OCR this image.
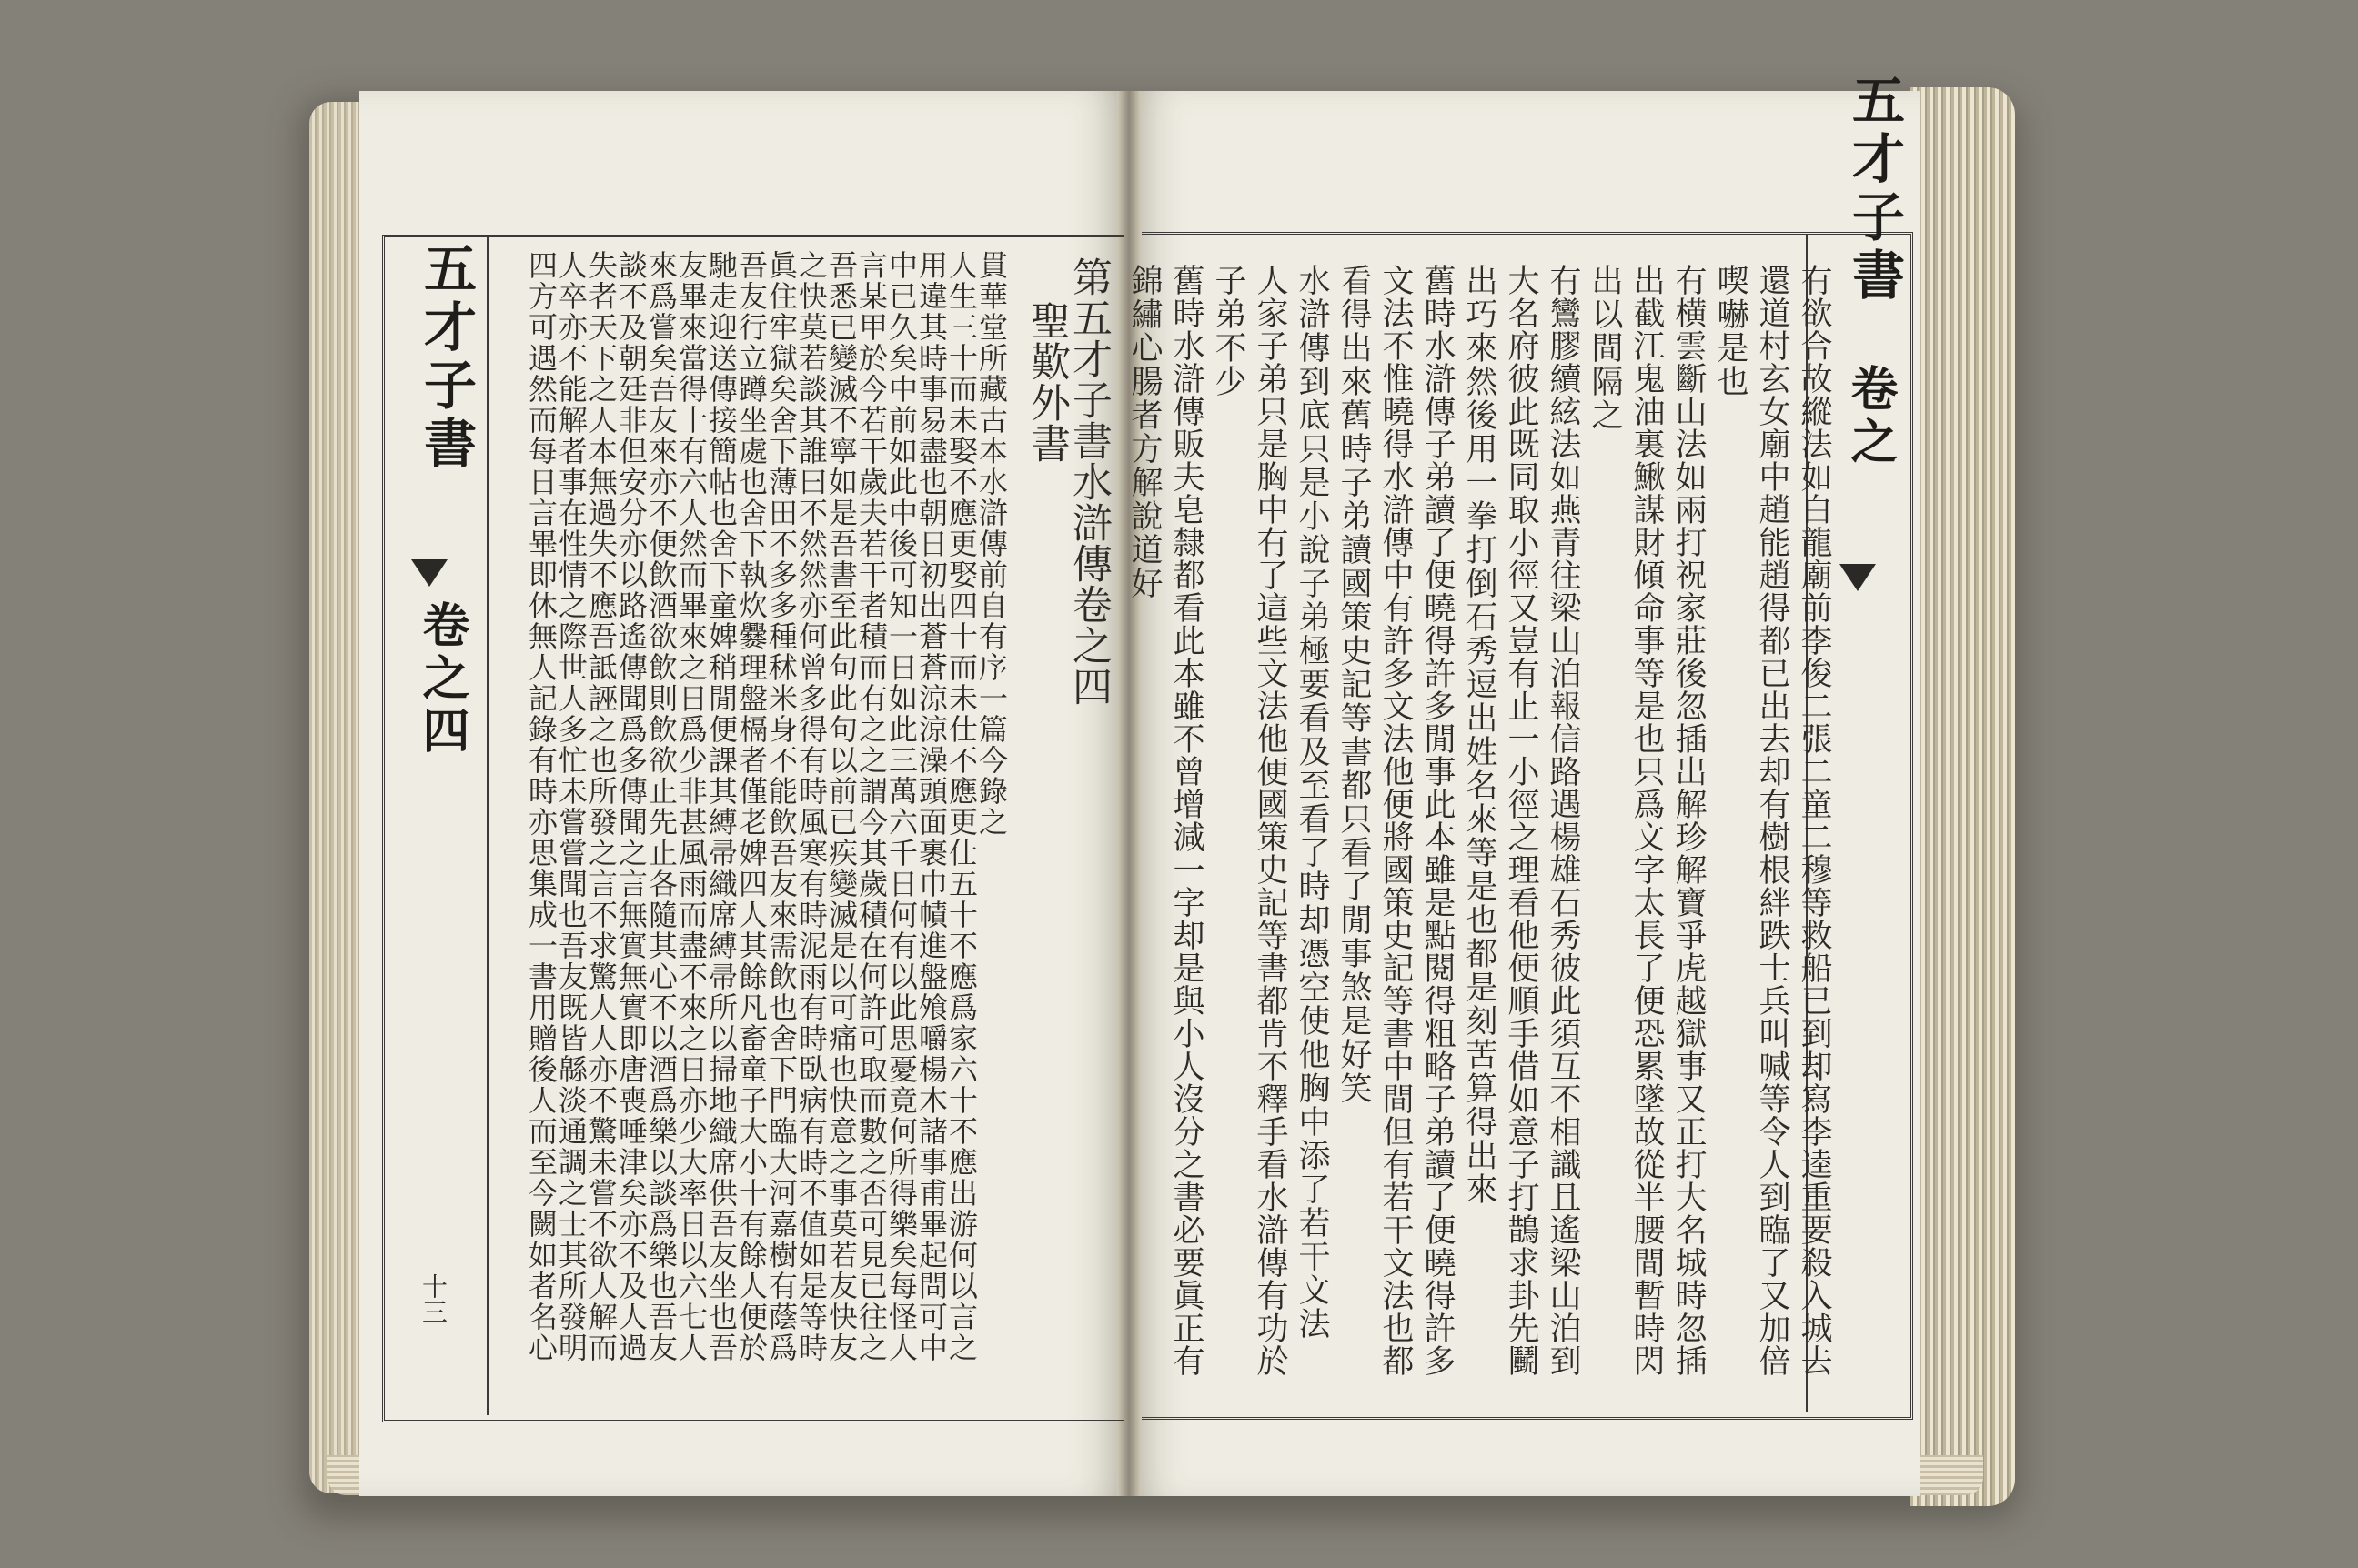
五才子書
卷之四
十三
第五才子書水滸傳卷之四
聖歎外書
貫華堂所藏古本水滸傳前自有序一篇今錄之
人生三十而未娶不應更娶四十而未仕不應更仕五十不應爲家六十不應出游何以言之
用違其時事易盡也朝日初出蒼蒼涼涼澡頭面裹巾幘進盤飧嚼楊木諸事甫畢起問可中
中已久矣中前如此中後可知一日如此三萬六千日何有以此思憂竟何所得樂矣每怪人
言某甲於今若干歲夫若干者積而有之之謂今其歲積在何許可取而數之否可見已往之
吾悉已變滅不寧如是吾書至此句此句以前已疾變滅是以可痛也快意之事莫若友快友
之快莫若談其誰曰不然然亦何曾多得有時風寒有時泥雨有時臥病有時不值如是等時
眞住牢獄矣舍下薄田不多多種秫米身不能飲吾友來需飲也舍下門臨大河嘉樹有蔭爲
吾友行立蹲坐處也舍下執炊爨理盤槅者僅老婢四人其餘凡畜童子大小十有餘人便於
馳走迎送傳接簡帖也舍下童婢稍閒便課其縛帚織席縛帚所以掃地織席供吾友坐也吾
友畢來當得十有六人然而畢來之日爲少非甚風雨而盡不來之日亦少大率日以六七人
來爲嘗矣吾友來亦不便飲酒欲飲則飲欲止先止各隨其心不以酒爲樂以談爲樂也吾友
談不及朝廷非但安分亦以路遙傳聞爲多傳聞之言無實無實即唐喪唾津矣亦不及人過
失者天下之人本無過失不應吾詆誣之也所發之言不求驚人人亦不驚未嘗不欲人解而
人卒亦不能解者事在性情之際世人多忙未嘗嘗聞也吾友既皆緜淡通調之士其所發明
四方可遇然而每日言畢即休無人記錄有時亦思集成一書用贈後人而至今闕如者名心
五才子書
卷之
有欲合故縱法如白龍廟前李俊二張二童二穆等救船已到却寫李逵重要殺入城去
還道村玄女廟中趙能趙得都已出去却有樹根絆跌士兵叫喊等令人到臨了又加倍
喫嚇是也
有横雲斷山法如兩打祝家莊後忽插出解珍解寶爭虎越獄事又正打大名城時忽插
出截江鬼油裏鰍謀財傾命事等是也只爲文字太長了便恐累墜故從半腰間暫時閃
出以間隔之
有鸞膠續絃法如燕青往梁山泊報信路遇楊雄石秀彼此須互不相識且遙梁山泊到
大名府彼此既同取小徑又豈有止一小徑之理看他便順手借如意子打鵲求卦先鬭
出巧來然後用一拳打倒石秀逗出姓名來等是也都是刻苦算得出來
舊時水滸傳子弟讀了便曉得許多閒事此本雖是點閱得粗略子弟讀了便曉得許多
文法不惟曉得水滸傳中有許多文法他便將國策史記等書中間但有若干文法也都
看得出來舊時子弟讀國策史記等書都只看了閒事煞是好笑
水滸傳到底只是小說子弟極要看及至看了時却憑空使他胸中添了若干文法
人家子弟只是胸中有了這些文法他便國策史記等書都肯不釋手看水滸傳有功於
子弟不少
舊時水滸傳販夫皂隸都看此本雖不曾增減一字却是與小人沒分之書必要眞正有
錦繡心腸者方解說道好
